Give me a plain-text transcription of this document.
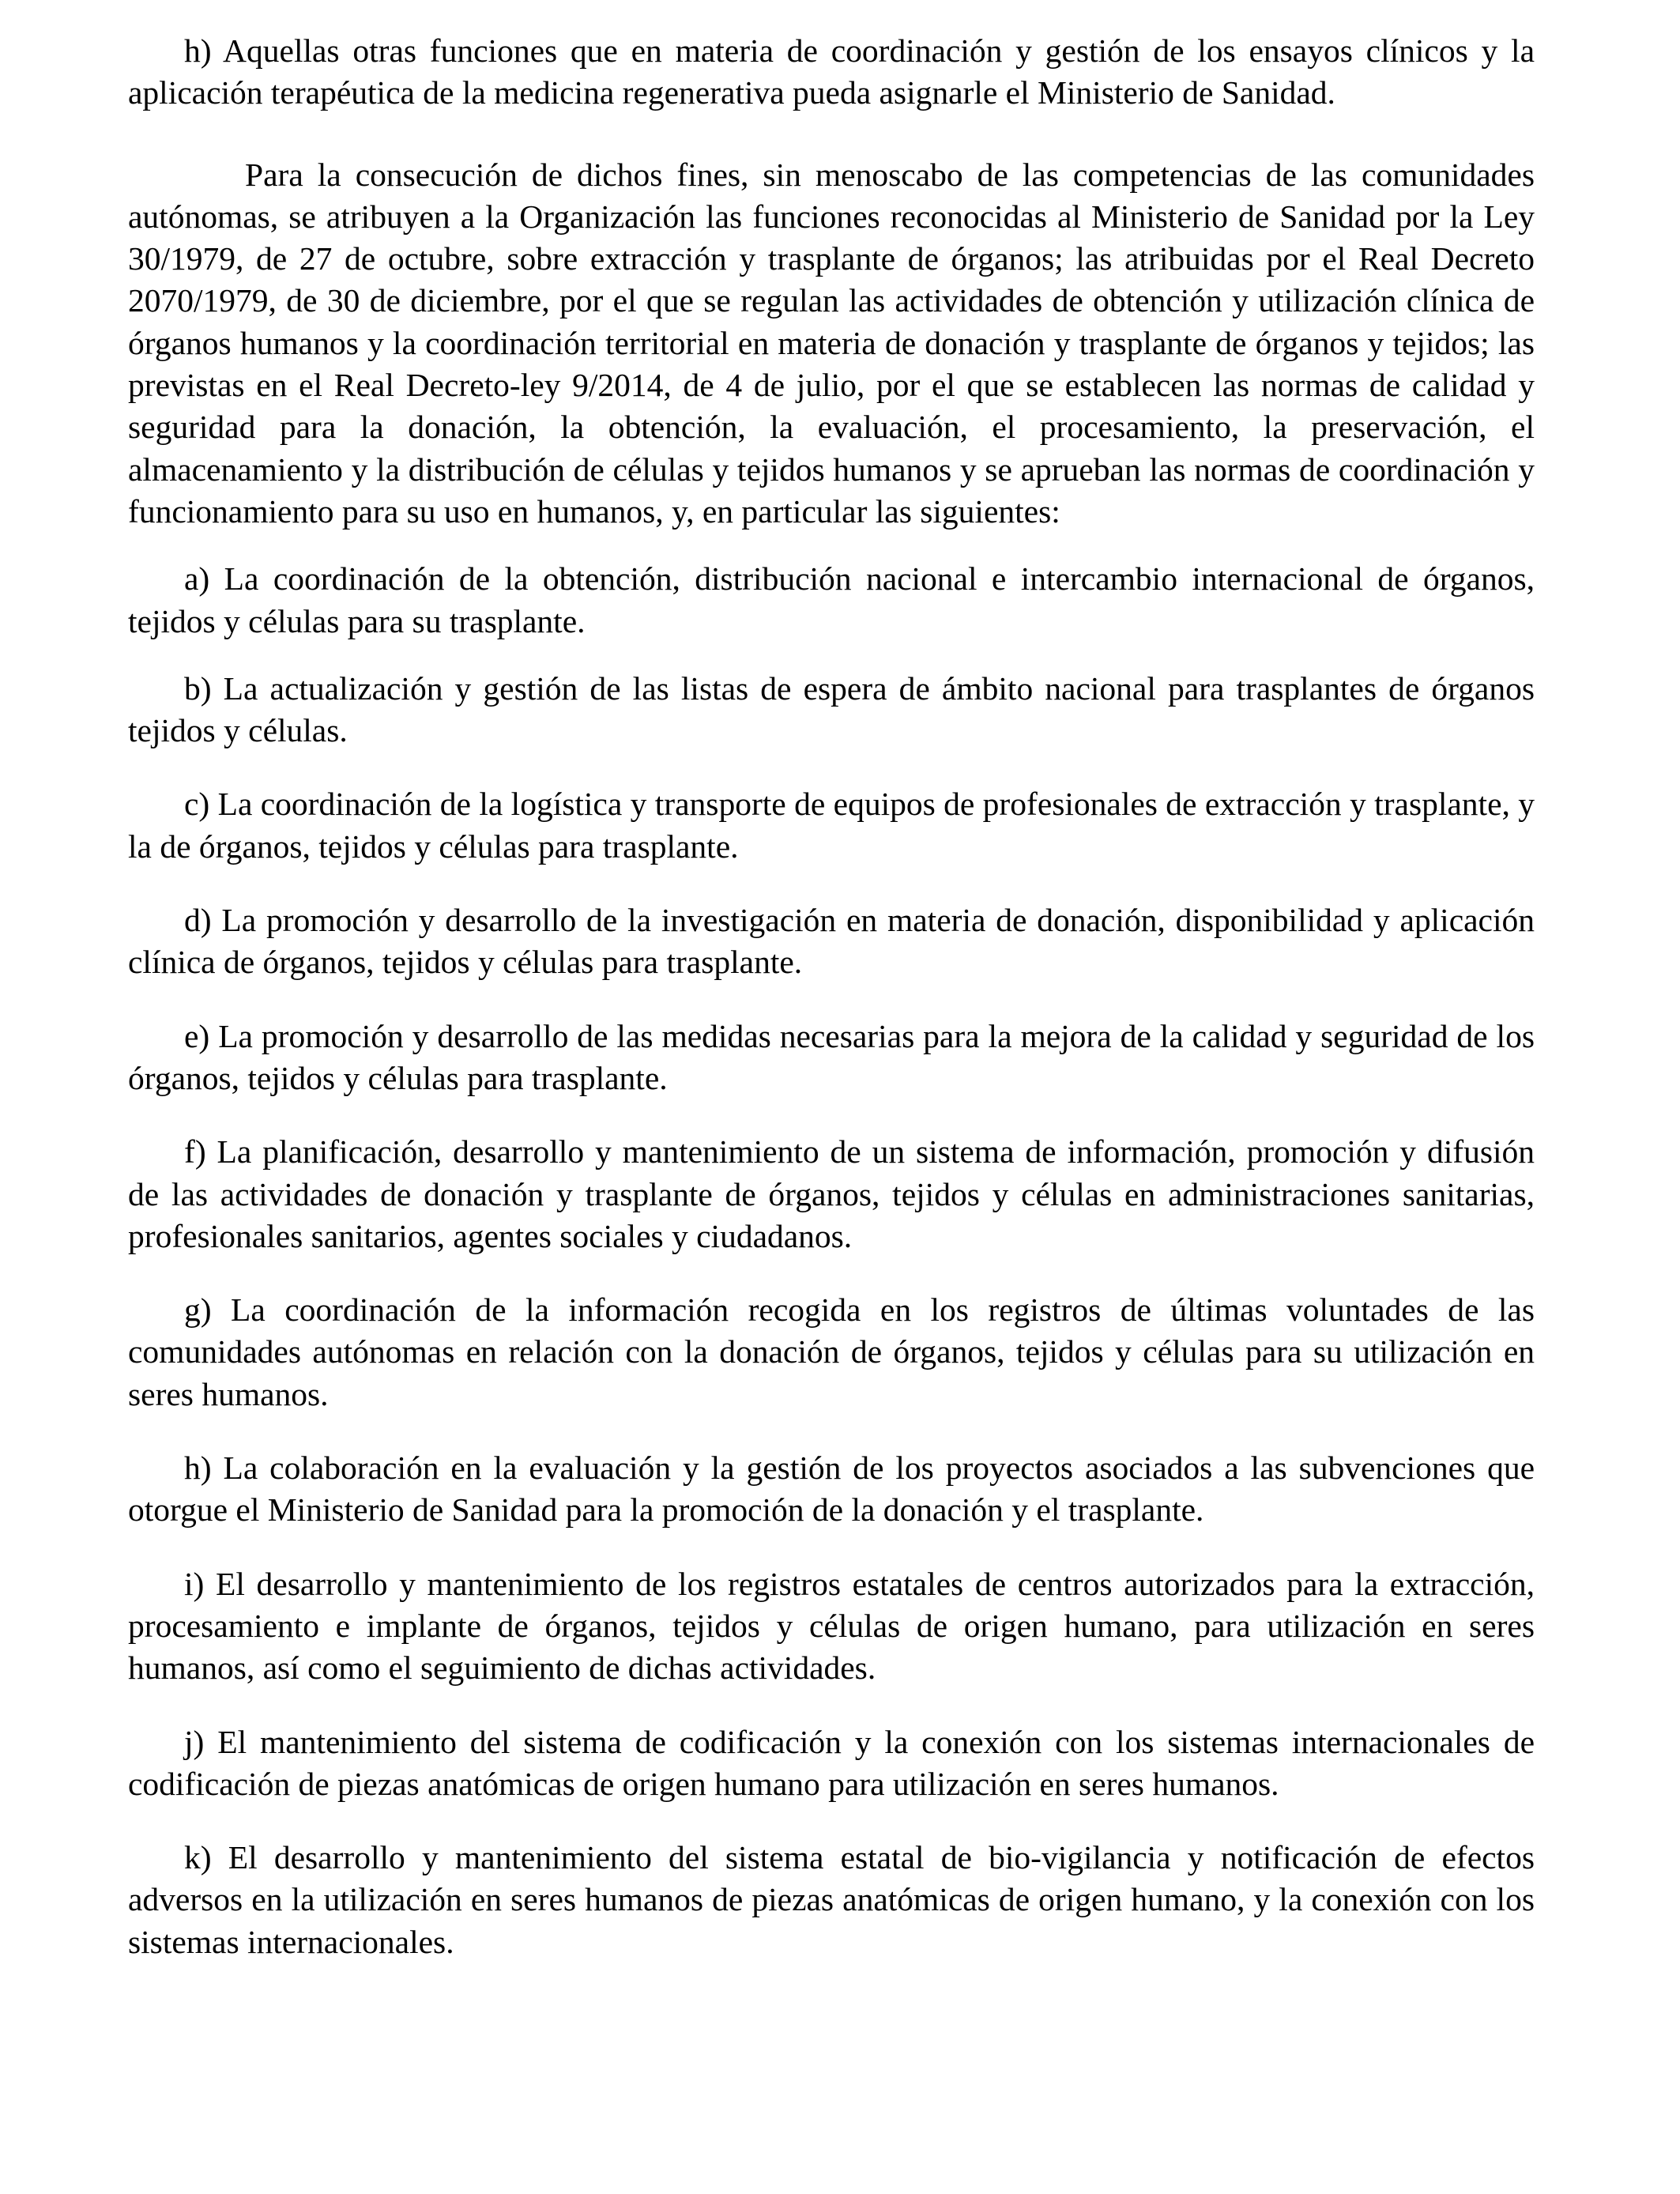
h) Aquellas otras funciones que en materia de coordinación y gestión de los ensayos clínicos y la aplicación terapéutica de la medicina regenerativa pueda asignarle el Ministerio de Sanidad.

Para la consecución de dichos fines, sin menoscabo de las competencias de las comunidades autónomas, se atribuyen a la Organización las funciones reconocidas al Ministerio de Sanidad por la Ley 30/1979, de 27 de octubre, sobre extracción y trasplante de órganos; las atribuidas por el Real Decreto 2070/1979, de 30 de diciembre, por el que se regulan las actividades de obtención y utilización clínica de órganos humanos y la coordinación territorial en materia de donación y trasplante de órganos y tejidos; las previstas en el Real Decreto-ley 9/2014, de 4 de julio, por el que se establecen las normas de calidad y seguridad para la donación, la obtención, la evaluación, el procesamiento, la preservación, el almacenamiento y la distribución de células y tejidos humanos y se aprueban las normas de coordinación y funcionamiento para su uso en humanos, y, en particular las siguientes:

a) La coordinación de la obtención, distribución nacional e intercambio internacional de órganos, tejidos y células para su trasplante.

b) La actualización y gestión de las listas de espera de ámbito nacional para trasplantes de órganos tejidos y células.

c) La coordinación de la logística y transporte de equipos de profesionales de extracción y trasplante, y la de órganos, tejidos y células para trasplante.

d) La promoción y desarrollo de la investigación en materia de donación, disponibilidad y aplicación clínica de órganos, tejidos y células para trasplante.

e) La promoción y desarrollo de las medidas necesarias para la mejora de la calidad y seguridad de los órganos, tejidos y células para trasplante.

f) La planificación, desarrollo y mantenimiento de un sistema de información, promoción y difusión de las actividades de donación y trasplante de órganos, tejidos y células en administraciones sanitarias, profesionales sanitarios, agentes sociales y ciudadanos.

g) La coordinación de la información recogida en los registros de últimas voluntades de las comunidades autónomas en relación con la donación de órganos, tejidos y células para su utilización en seres humanos.

h) La colaboración en la evaluación y la gestión de los proyectos asociados a las subvenciones que otorgue el Ministerio de Sanidad para la promoción de la donación y el trasplante.

i) El desarrollo y mantenimiento de los registros estatales de centros autorizados para la extracción, procesamiento e implante de órganos, tejidos y células de origen humano, para utilización en seres humanos, así como el seguimiento de dichas actividades.

j) El mantenimiento del sistema de codificación y la conexión con los sistemas internacionales de codificación de piezas anatómicas de origen humano para utilización en seres humanos.

k) El desarrollo y mantenimiento del sistema estatal de bio-vigilancia y notificación de efectos adversos en la utilización en seres humanos de piezas anatómicas de origen humano, y la conexión con los sistemas internacionales.
